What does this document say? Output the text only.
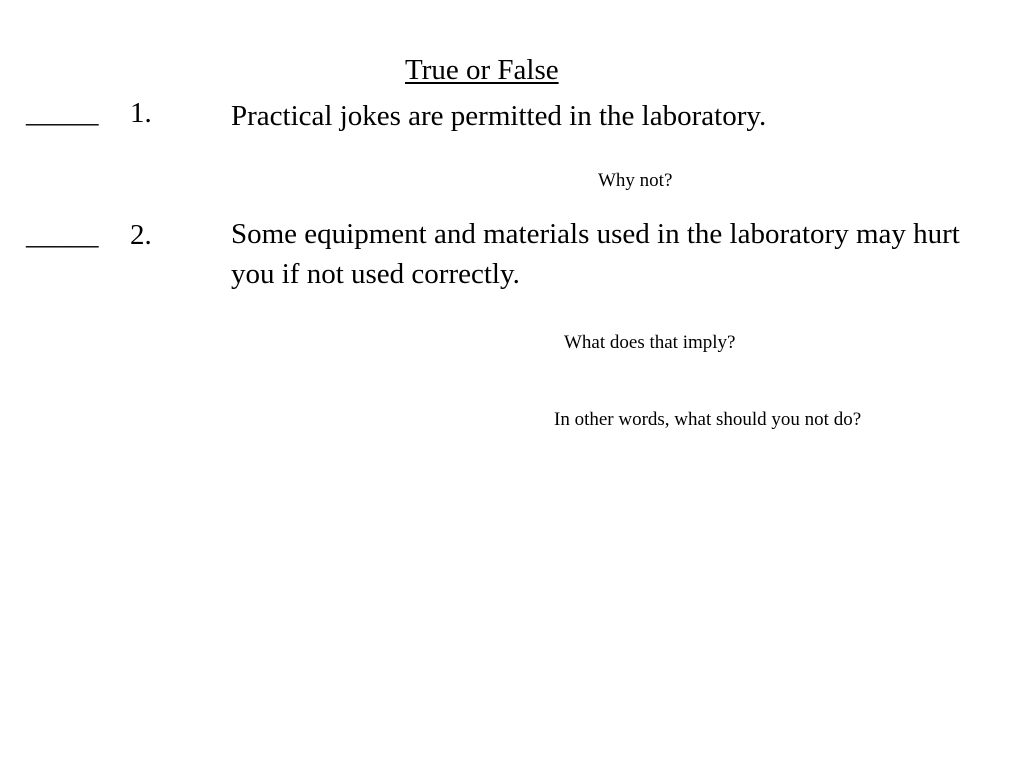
True or False
_____ 1.	Practical jokes are permitted in the laboratory.
Why not?
_____ 2.	Some equipment and materials used in the laboratory may hurt you if not used correctly.
What does that imply?
In other words, what should you not do?
